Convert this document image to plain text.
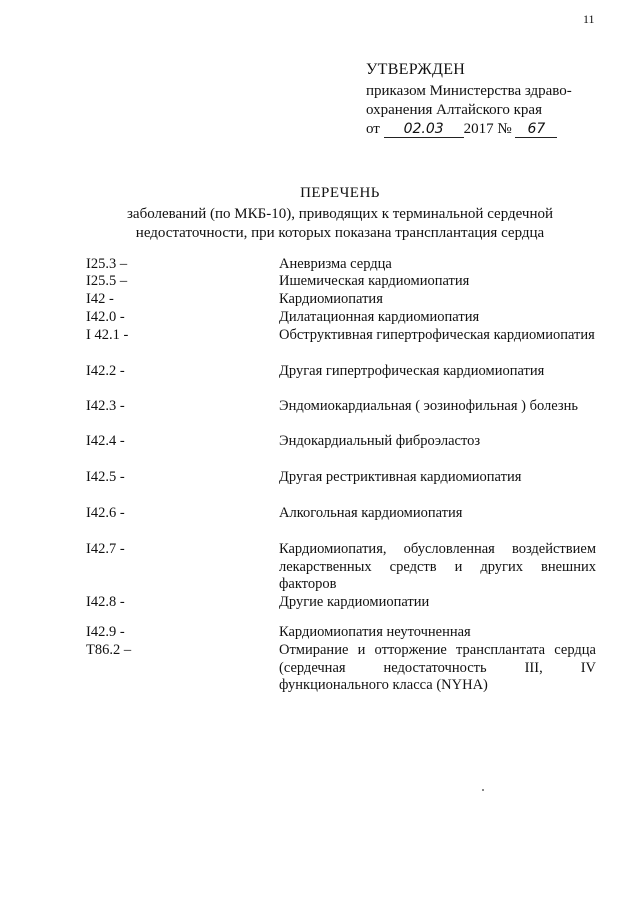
11
УТВЕРЖДЕН
приказом Министерства здраво-
охранения Алтайского края
от 02.03 2017 № 67
ПЕРЕЧЕНЬ
заболеваний (по МКБ-10), приводящих к терминальной сердечной
недостаточности, при которых показана трансплантация сердца
I25.3 –	Аневризма сердца
I25.5 –	Ишемическая кардиомиопатия
I42 -	Кардиомиопатия
I42.0 -	Дилатационная кардиомиопатия
I 42.1 -	Обструктивная гипертрофическая кардиомиопатия
I42.2 -	Другая гипертрофическая кардиомиопатия
I42.3 -	Эндомиокардиальная ( эозинофильная ) болезнь
I42.4 -	Эндокардиальный фиброэластоз
I42.5 -	Другая рестриктивная кардиомиопатия
I42.6 -	Алкогольная кардиомиопатия
I42.7 -	Кардиомиопатия, обусловленная воздействием лекарственных средств и других внешних факторов
I42.8 -	Другие кардиомиопатии
I42.9 -	Кардиомиопатия неуточненная
T86.2 –	Отмирание и отторжение трансплантата сердца (сердечная недостаточность III, IV функционального класса (NYHA)
